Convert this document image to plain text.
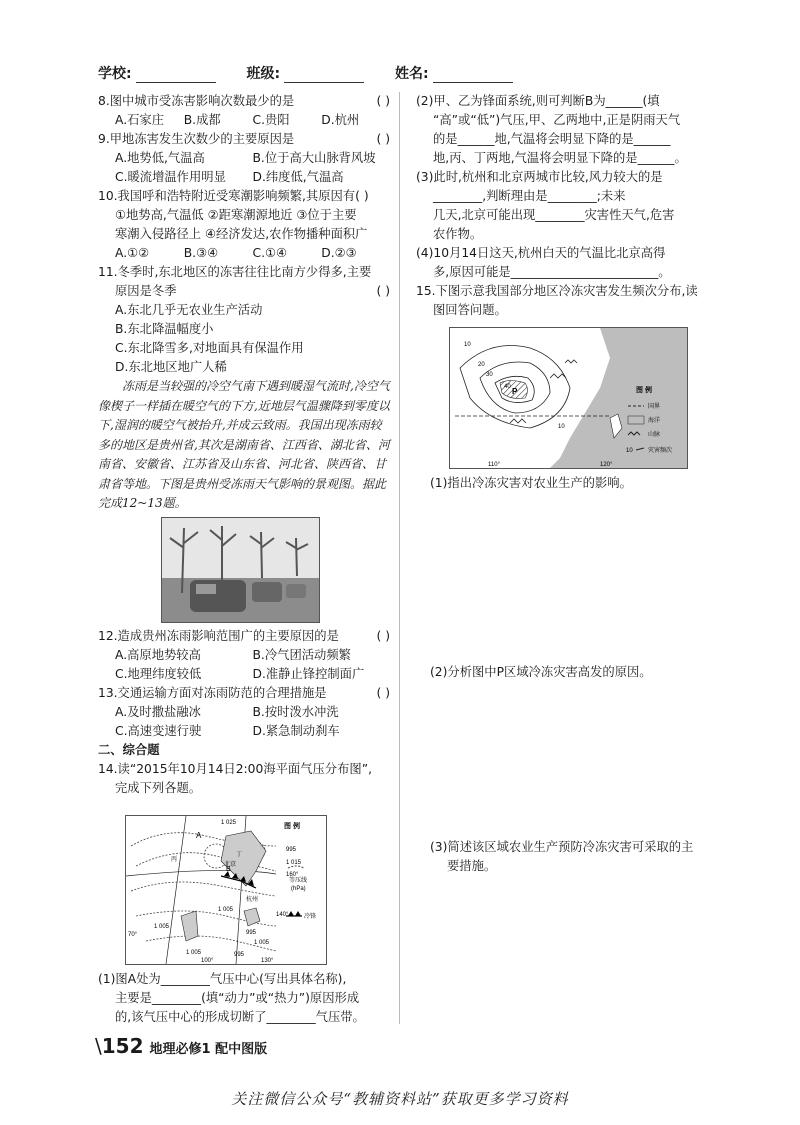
学校:	班级:	姓名:

8.图中城市受冻害影响次数最少的是	( )

A.石家庄	B.成都	C.贵阳	D.杭州

9.甲地冻害发生次数少的主要原因是	( )

A.地势低,气温高	B.位于高大山脉背风坡

C.暖流增温作用明显	D.纬度低,气温高

10.我国呼和浩特附近受寒潮影响频繁,其原因有( )

①地势高,气温低 ②距寒潮源地近 ③位于主要

寒潮入侵路径上 ④经济发达,农作物播种面积广

A.①②	B.③④	C.①④	D.②③

11.冬季时,东北地区的冻害往往比南方少得多,主要

原因是冬季	( )

A.东北几乎无农业生产活动

B.东北降温幅度小

C.东北降雪多,对地面具有保温作用

D.东北地区地广人稀

冻雨是当较强的冷空气南下遇到暖湿气流时,冷空气像楔子一样插在暖空气的下方,近地层气温骤降到零度以下,湿润的暖空气被抬升,并成云致雨。我国出现冻雨较多的地区是贵州省,其次是湖南省、江西省、湖北省、河南省、安徽省、江苏省及山东省、河北省、陕西省、甘肃省等地。下图是贵州受冻雨天气影响的景观图。据此完成12~13题。

12.造成贵州冻雨影响范围广的主要原因的是	( )

A.高原地势较高	B.冷气团活动频繁

C.地理纬度较低	D.准静止锋控制面广

13.交通运输方面对冻雨防范的合理措施是	( )

A.及时撒盐融冰	B.按时泼水冲洗

C.高速变速行驶	D.紧急制动刹车

二、综合题

14.读“2015年10月14日2:00海平面气压分布图”,

完成下列各题。

1 025
995
1 015
1 005
995
1 005
1 005
1 005
995
160°
140°
100°	130°
70°
杭州
A
B
丙
丁
北京
图 例
等压线
(hPa)
冷锋

(1)图A处为________气压中心(写出具体名称),

主要是________(填“动力”或“热力”)原因形成

的,该气压中心的形成切断了________气压带。

(2)甲、乙为锋面系统,则可判断B为______(填

“高”或“低”)气压,甲、乙两地中,正是阴雨天气

的是______地,气温将会明显下降的是______

地,丙、丁两地,气温将会明显下降的是______。

(3)此时,杭州和北京两城市比较,风力较大的是

________,判断理由是________;未来

几天,北京可能出现________灾害性天气,危害

农作物。

(4)10月14日这天,杭州白天的气温比北京高得

多,原因可能是________________________。

15.下图示意我国部分地区冷冻灾害发生频次分布,读

图回答问题。

10
20
30
40
10
P
110°	120°
图 例
国界
海洋
山脉
10	灾害频次

(1)指出冷冻灾害对农业生产的影响。

(2)分析图中P区域冷冻灾害高发的原因。

(3)简述该区域农业生产预防冷冻灾害可采取的主

要措施。

\152 地理必修1 配中图版
关注微信公众号“教辅资料站”获取更多学习资料
